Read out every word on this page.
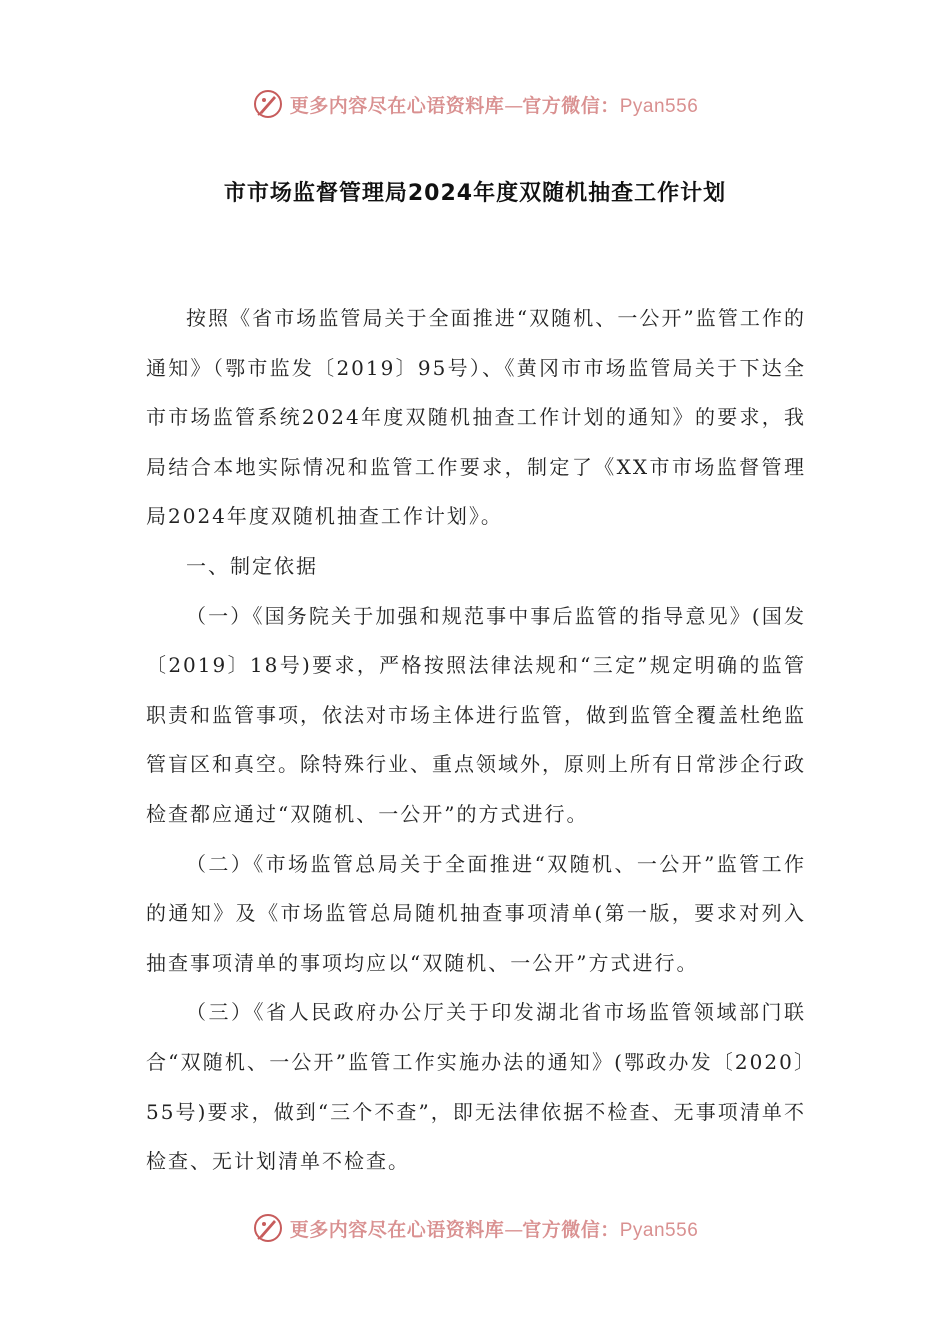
更多内容尽在心语资料库—官方微信：Pyan556
市市场监督管理局2024年度双随机抽查工作计划

按照《省市场监管局关于全面推进“双随机、一公开”监管工作的通知》（鄂市监发〔2019〕95号）、《黄冈市市场监管局关于下达全市市场监管系统2024年度双随机抽查工作计划的通知》的要求，我局结合本地实际情况和监管工作要求，制定了《XX市市场监督管理局2024年度双随机抽查工作计划》。

一、制定依据

（一）《国务院关于加强和规范事中事后监管的指导意见》(国发〔2019〕18号)要求，严格按照法律法规和“三定”规定明确的监管职责和监管事项，依法对市场主体进行监管，做到监管全覆盖杜绝监管盲区和真空。除特殊行业、重点领域外，原则上所有日常涉企行政检查都应通过“双随机、一公开”的方式进行。

（二）《市场监管总局关于全面推进“双随机、一公开”监管工作的通知》及《市场监管总局随机抽查事项清单(第一版，要求对列入抽查事项清单的事项均应以“双随机、一公开”方式进行。

（三）《省人民政府办公厅关于印发湖北省市场监管领域部门联合“双随机、一公开”监管工作实施办法的通知》(鄂政办发〔2020〕55号)要求，做到“三个不查”，即无法律依据不检查、无事项清单不检查、无计划清单不检查。

更多内容尽在心语资料库—官方微信：Pyan556
